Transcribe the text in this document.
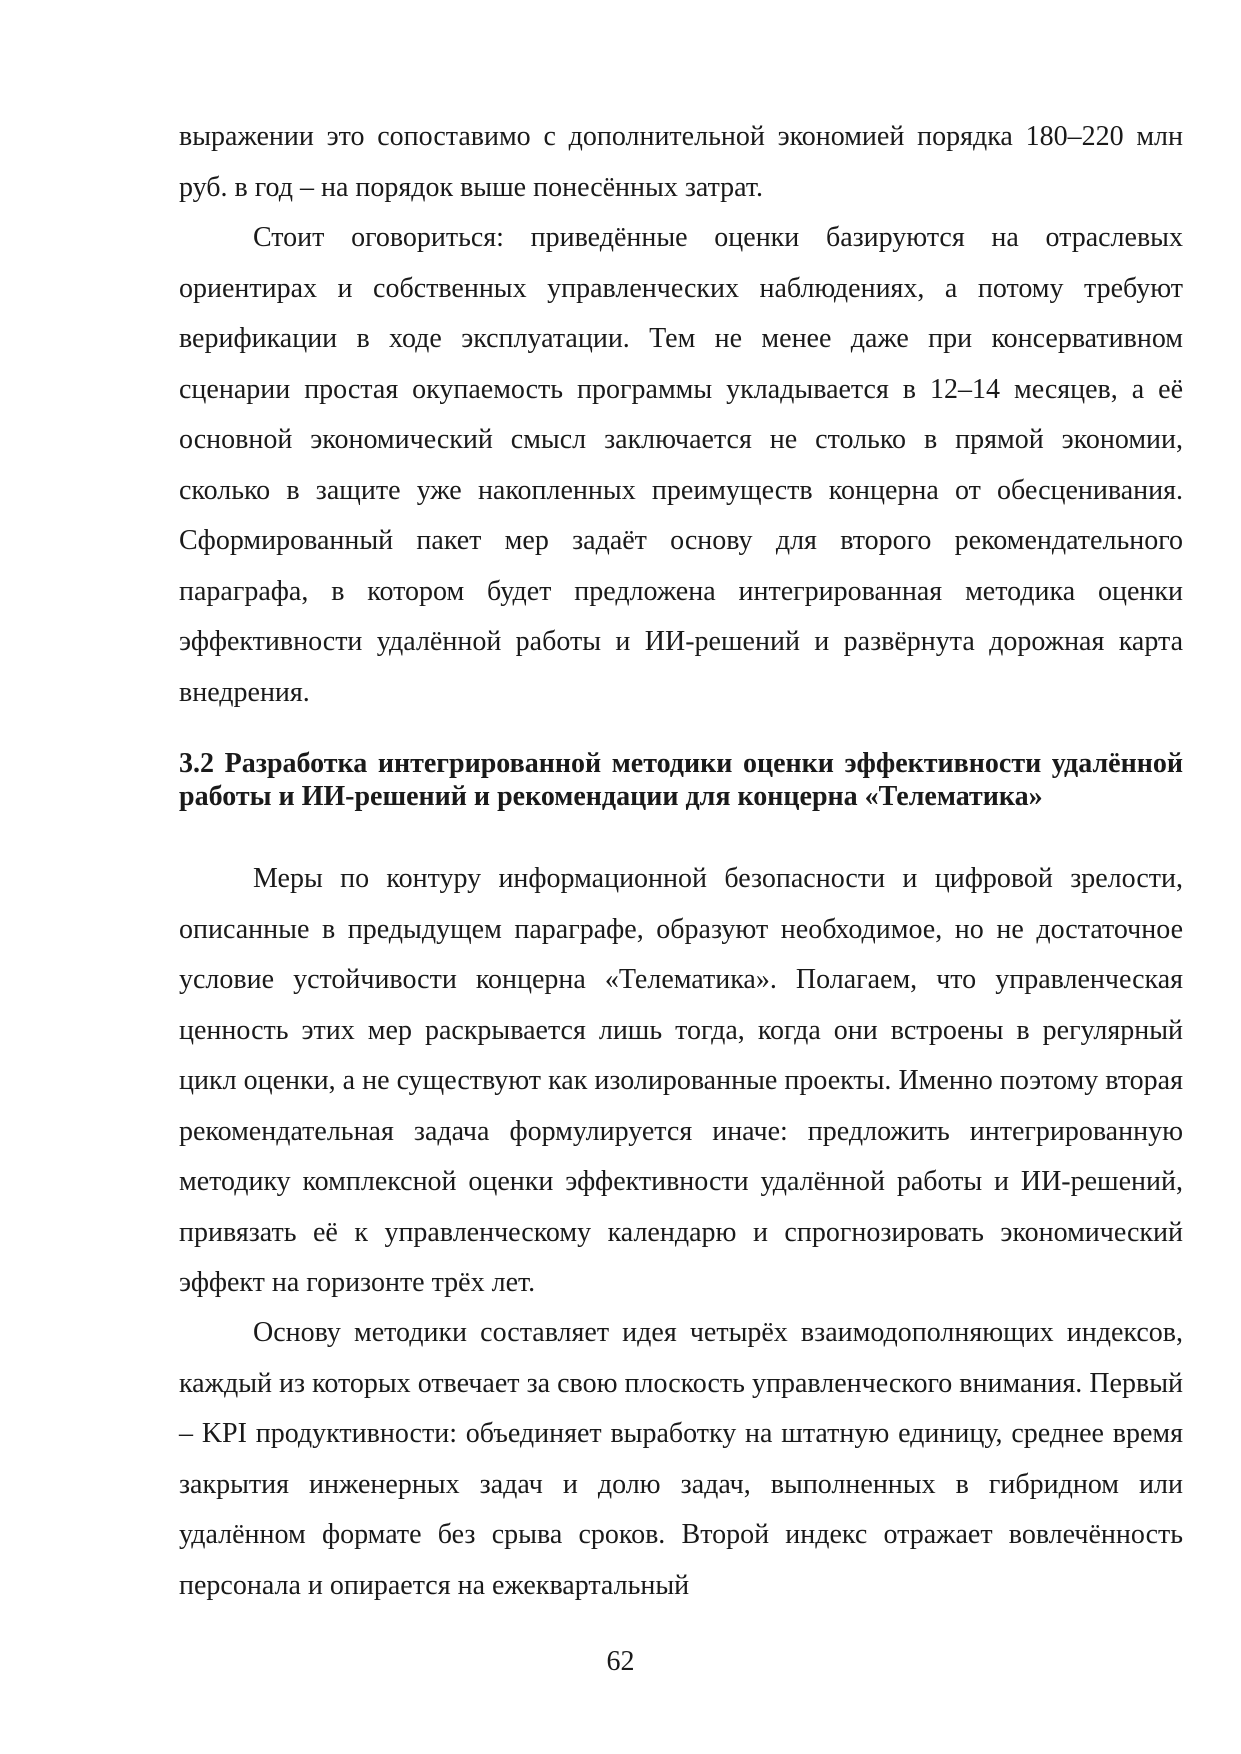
выражении это сопоставимо с дополнительной экономией порядка 180–220 млн руб. в год – на порядок выше понесённых затрат.

Стоит оговориться: приведённые оценки базируются на отраслевых ориентирах и собственных управленческих наблюдениях, а потому требуют верификации в ходе эксплуатации. Тем не менее даже при консервативном сценарии простая окупаемость программы укладывается в 12–14 месяцев, а её основной экономический смысл заключается не столько в прямой экономии, сколько в защите уже накопленных преимуществ концерна от обесценивания. Сформированный пакет мер задаёт основу для второго рекомендательного параграфа, в котором будет предложена интегрированная методика оценки эффективности удалённой работы и ИИ-решений и развёрнута дорожная карта внедрения.

3.2 Разработка интегрированной методики оценки эффективности удалённой работы и ИИ-решений и рекомендации для концерна «Телематика»

Меры по контуру информационной безопасности и цифровой зрелости, описанные в предыдущем параграфе, образуют необходимое, но не достаточное условие устойчивости концерна «Телематика». Полагаем, что управленческая ценность этих мер раскрывается лишь тогда, когда они встроены в регулярный цикл оценки, а не существуют как изолированные проекты. Именно поэтому вторая рекомендательная задача формулируется иначе: предложить интегрированную методику комплексной оценки эффективности удалённой работы и ИИ-решений, привязать её к управленческому календарю и спрогнозировать экономический эффект на горизонте трёх лет.

Основу методики составляет идея четырёх взаимодополняющих индексов, каждый из которых отвечает за свою плоскость управленческого внимания. Первый – KPI продуктивности: объединяет выработку на штатную единицу, среднее время закрытия инженерных задач и долю задач, выполненных в гибридном или удалённом формате без срыва сроков. Второй индекс отражает вовлечённость персонала и опирается на ежеквартальный

62
